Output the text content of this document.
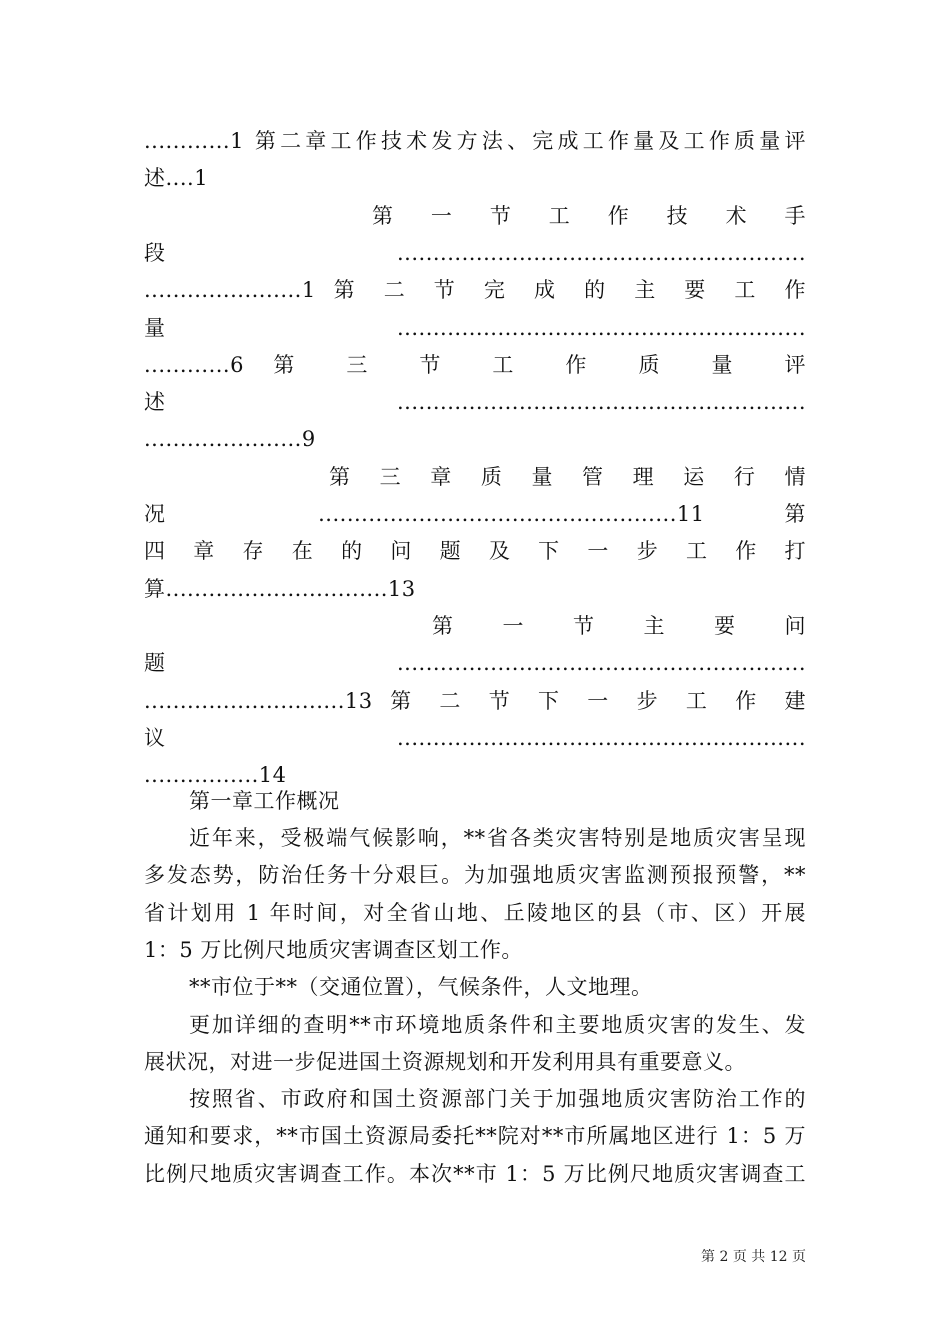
............1 第二章工作技术发方法、完成工作量及工作质量评
述....1
第 一 节 工 作 技 术 手
段.........................................................
......................1 第 二 节 完 成 的 主 要 工 作
量.........................................................
............6 第 三 节 工 作 质 量 评
述.........................................................
......................9
第 三 章 质 量 管 理 运 行 情
况 ..................................................11 第
四 章 存 在 的 问 题 及 下 一 步 工 作 打
算...............................13
第 一 节 主 要 问
题.........................................................
............................13 第 二 节 下 一 步 工 作 建
议.........................................................
................14
第一章工作概况
近年来，受极端气候影响，**省各类灾害特别是地质灾害呈现
多发态势，防治任务十分艰巨。为加强地质灾害监测预报预警，**
省计划用 1 年时间，对全省山地、丘陵地区的县（市、区）开展
1：5 万比例尺地质灾害调查区划工作。
**市位于**（交通位置），气候条件，人文地理。
更加详细的查明**市环境地质条件和主要地质灾害的发生、发
展状况，对进一步促进国土资源规划和开发利用具有重要意义。
按照省、市政府和国土资源部门关于加强地质灾害防治工作的
通知和要求，**市国土资源局委托**院对**市所属地区进行 1：5 万
比例尺地质灾害调查工作。本次**市 1：5 万比例尺地质灾害调查工
第 2 页 共 12 页
